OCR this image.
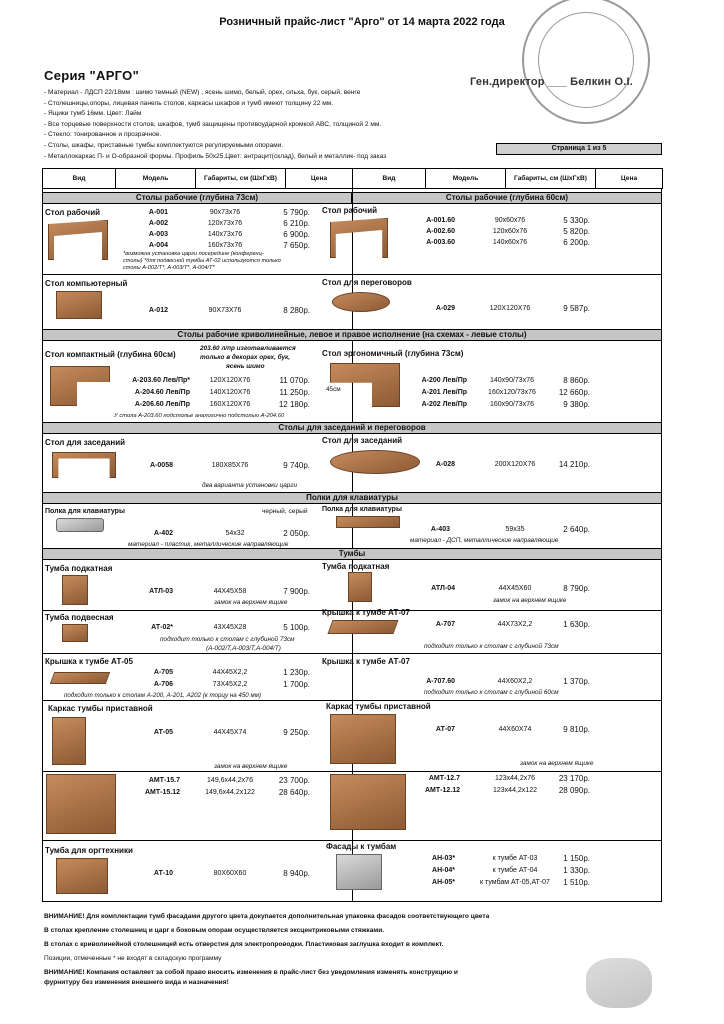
Розничный прайс-лист "Арго" от 14 марта 2022 года
Серия "АРГО"	Ген.директор ___ Белкин О.І.
- Материал - ЛДСП 22/18мм : шимо темный (NEW) , ясень шимо, белый, орех, ольха, бук, серый, венге
- Столешницы,опоры, лицевая панель столов, каркасы шкафов и тумб имеют толщину 22 мм.
- Ящики тумб 16мм. Цвет: Лайм
- Все торцевые поверхности столов, шкафов, тумб защищены противоударной кромкой АВС, толщиной 2 мм.
- Стекло: тонированное и прозрачное.
- Столы, шкафы, приставные тумбы комплектуются регулируемыми опорами.
- Металлокаркас П- и О-образной формы. Профиль 50x25.Цвет: антрацит(склад), белый и металлик- под заказ
Страница 1 из 5
Вид	Модель	Габариты, см (ШхГхВ)	Цена	Вид	Модель	Габариты, см (ШхГхВ)	Цена
Столы рабочие (глубина 73см)	Столы рабочие (глубина 60см)
Стол рабочий	А-001	90x73x76	5 790р.
А-002	120x73x76	6 210р.
А-003	140x73x76	6 900р.
А-004	160x73x76	7 650р.
*возможна установка царги посередине (конференц-
столы) *для подвесной тумбы АТ-02 используются только
столы А-002/Т*, А-003/Т*, А-004/Т*
Стол рабочий
А-001.60	90x60x76	5 330р.
А-002.60	120x60x76	5 820р.
А-003.60	140x60x76	6 200р.
Стол компьютерный
А-012	90X73X76	8 280р.
Стол для переговоров
А-029	120X120X76	9 587р.
Столы рабочие криволинейные, левое и правое исполнение (на схемах - левые столы)
Стол компактный (глубина 60см)
203.60 л/пр изготавливается
только в декорах орех, бук,
ясень шимо
А-203.60 Лев/Пр*	120X120X76	11 070р.
А-204.60 Лев/Пр	140X120X76	11 250р.
А-206.60 Лев/Пр	160X120X76	12 180р.
У стола А-203.60 подстолье аналогично подстолью А-204.60
Стол эргономичный (глубина 73см)
45см
А-200 Лев/Пр	140x90/73x76	8 860р.
А-201 Лев/Пр	160x120/73x76	12 660р.
А-202 Лев/Пр	160x90/73x76	9 380р.
Столы для заседаний и переговоров
Стол для заседаний
А-0058	180X85X76	9 740р.
два варианта установки царги
Стол для заседаний
А-028	200X120X76	14 210р.
Полки для клавиатуры
Полка для клавиатуры	черный, серый
А-402	54x32	2 050р.
материал - пластик, металлические направляющие
Полка для клавиатуры
А-403	59x35	2 640р.
материал - ДСП, металлические направляющие
Тумбы
Тумба подкатная
АТЛ-03	44X45X58	7 900р.
замок на верхнем ящике
Тумба подкатная
АТЛ-04	44X45X60	8 790р.
замок на верхнем ящике
Тумба подвесная
АТ-02*	43X45X28	5 100р.
подходит только к столам с глубиной 73см
(А-002/Т,А-003/Т,А-004/Т)
Крышка к тумбе АТ-07
А-707	44X73X2,2	1 630р.
подходит только к столам с глубиной 73см
Крышка к тумбе АТ-05
А-705	44X45X2,2	1 230р.
А-706	73X45X2,2	1 700р.
подходит только к столам А-200, А-201, А202 (к торцу на 450 мм)
Крышка к тумбе АТ-07
А-707.60	44X60X2,2	1 370р.
подходит только к столам с глубиной 60см
Каркас тумбы приставной
АТ-05	44X45X74	9 250р.
замок на верхнем ящике
Каркас тумбы приставной
АТ-07	44X60X74	9 810р.
замок на верхнем ящике
АМТ-15.7	149,6x44,2x76	23 700р.
АМТ-15.12	149,6x44,2x122	28 640р.
АМТ-12.7	123x44,2x76	23 170р.
АМТ-12.12	123x44,2x122	28 090р.
Тумба для оргтехники
АТ-10	80X60X60	8 940р.
Фасады к тумбам
АН-03*	к тумбе АТ-03	1 150р.
АН-04*	к тумбе АТ-04	1 330р.
АН-05*	к тумбам АТ-05,АТ-07	1 510р.
ВНИМАНИЕ! Для комплектации тумб фасадами другого цвета докупается дополнительная упаковка фасадов соответствующего цвета
В столах крепление столешниц и царг к боковым опорам осуществляется эксцентриковыми стяжками.
В столах с криволинейной столешницей есть отверстия для электропроводки. Пластиковая заглушка входит в комплект.
Позиции, отмеченные * не входят в складскую программу
ВНИМАНИЕ! Компания оставляет за собой право вносить изменения в прайс-лист без уведомления изменять конструкцию и
фурнитуру без изменения внешнего вида и назначения!
